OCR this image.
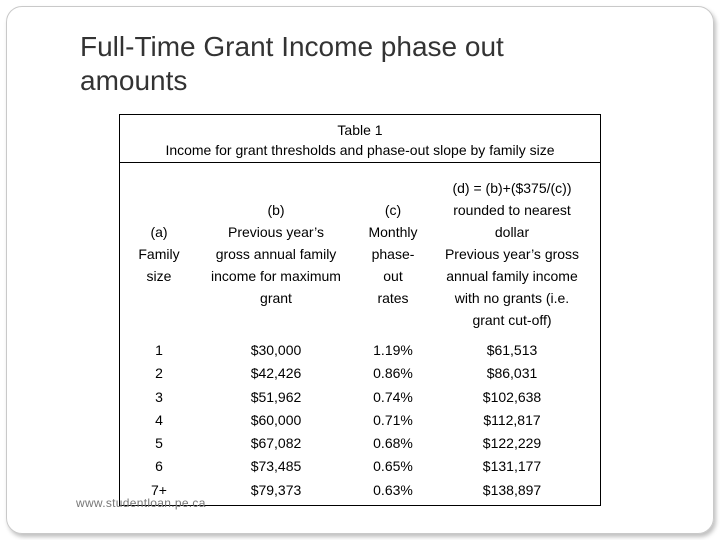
Full-Time Grant Income phase out
amounts
Table 1
Income for grant thresholds and phase-out slope by family size
(a)
Family
size
1
2
3
4
5
6
7+
(b)
Previous year’s
gross annual family
income for maximum
grant
$30,000
$42,426
$51,962
$60,000
$67,082
$73,485
$79,373
(c)
Monthly
phase-
out
rates
1.19%
0.86%
0.74%
0.71%
0.68%
0.65%
0.63%
(d) = (b)+($375/(c))
rounded to nearest
dollar
Previous year’s gross
annual family income
with no grants (i.e.
grant cut-off)
$61,513
$86,031
$102,638
$112,817
$122,229
$131,177
$138,897
www.studentloan.pe.ca
